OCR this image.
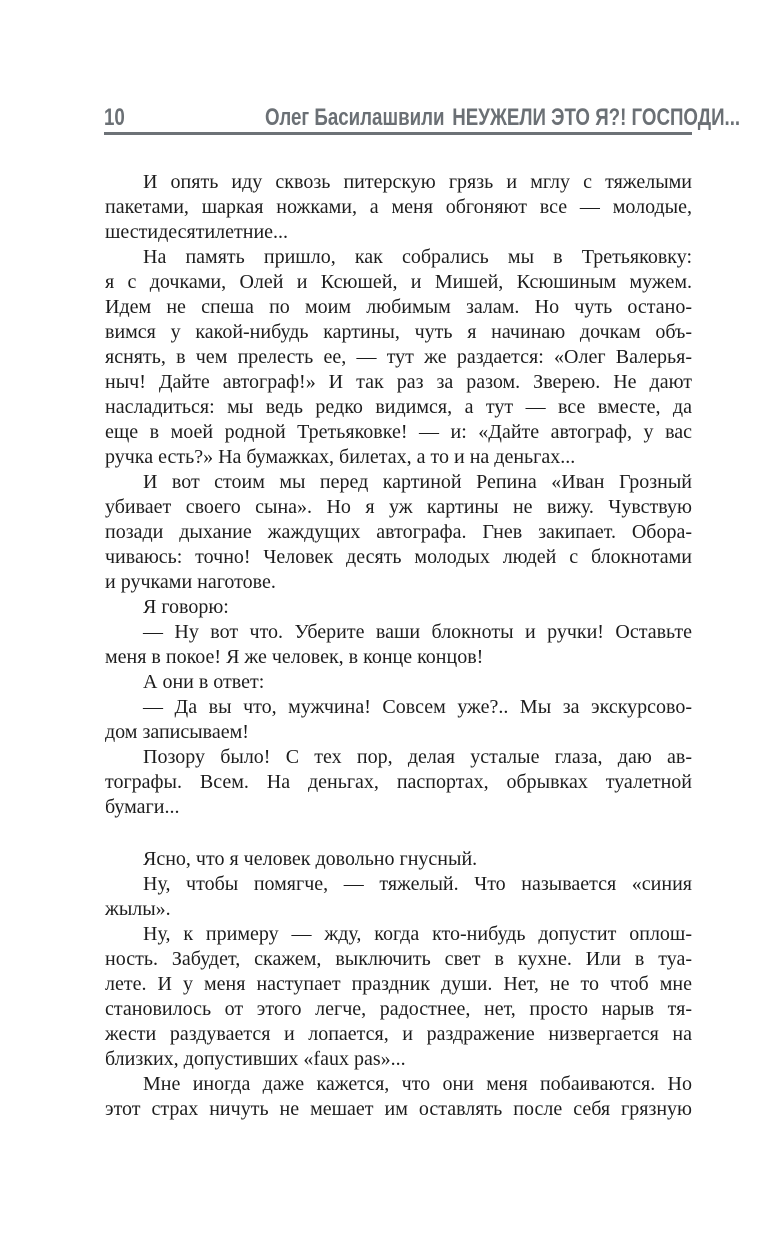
10	Олег Басилашвили НЕУЖЕЛИ ЭТО Я?! ГОСПОДИ...
И опять иду сквозь питерскую грязь и мглу с тяжелыми
пакетами, шаркая ножками, а меня обгоняют все — молодые,
шестидесятилетние...
На память пришло, как собрались мы в Третьяковку:
я с дочками, Олей и Ксюшей, и Мишей, Ксюшиным мужем.
Идем не спеша по моим любимым залам. Но чуть остано-
вимся у какой-нибудь картины, чуть я начинаю дочкам объ-
яснять, в чем прелесть ее, — тут же раздается: «Олег Валерья-
ныч! Дайте автограф!» И так раз за разом. Зверею. Не дают
насладиться: мы ведь редко видимся, а тут — все вместе, да
еще в моей родной Третьяковке! — и: «Дайте автограф, у вас
ручка есть?» На бумажках, билетах, а то и на деньгах...
И вот стоим мы перед картиной Репина «Иван Грозный
убивает своего сына». Но я уж картины не вижу. Чувствую
позади дыхание жаждущих автографа. Гнев закипает. Обора-
чиваюсь: точно! Человек десять молодых людей с блокнотами
и ручками наготове.
Я говорю:
— Ну вот что. Уберите ваши блокноты и ручки! Оставьте
меня в покое! Я же человек, в конце концов!
А они в ответ:
— Да вы что, мужчина! Совсем уже?.. Мы за экскурсово-
дом записываем!
Позору было! С тех пор, делая усталые глаза, даю ав-
тографы. Всем. На деньгах, паспортах, обрывках туалетной
бумаги...
Ясно, что я человек довольно гнусный.
Ну, чтобы помягче, — тяжелый. Что называется «синия
жылы».
Ну, к примеру — жду, когда кто-нибудь допустит оплош-
ность. Забудет, скажем, выключить свет в кухне. Или в туа-
лете. И у меня наступает праздник души. Нет, не то чтоб мне
становилось от этого легче, радостнее, нет, просто нарыв тя-
жести раздувается и лопается, и раздражение низвергается на
близких, допустивших «faux pas»...
Мне иногда даже кажется, что они меня побаиваются. Но
этот страх ничуть не мешает им оставлять после себя грязную
